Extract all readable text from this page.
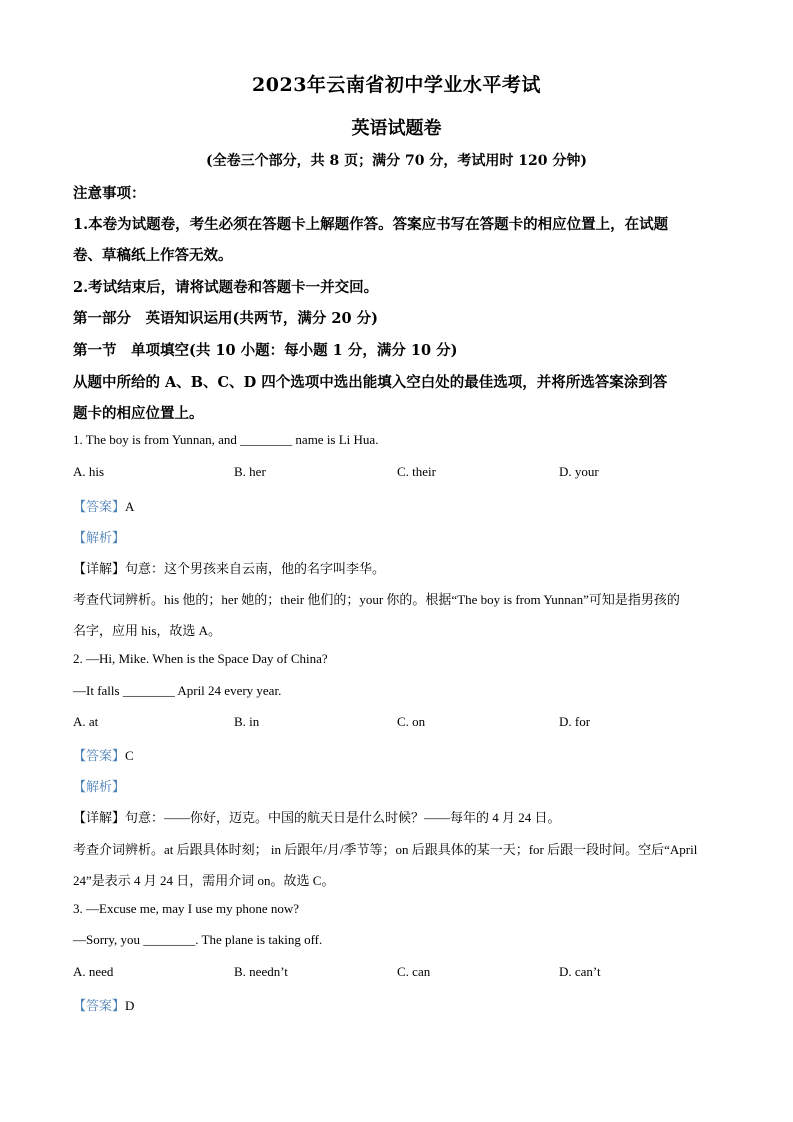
2023年云南省初中学业水平考试
英语试题卷
(全卷三个部分，共 8 页；满分 70 分，考试用时 120 分钟)
注意事项：
1.本卷为试题卷，考生必须在答题卡上解题作答。答案应书写在答题卡的相应位置上，在试题
卷、草稿纸上作答无效。
2.考试结束后，请将试题卷和答题卡一并交回。
第一部分　英语知识运用(共两节，满分 20 分)
第一节　单项填空(共 10 小题：每小题 1 分，满分 10 分)
从题中所给的 A、B、C、D 四个选项中选出能填入空白处的最佳选项，并将所选答案涂到答
题卡的相应位置上。
1. The boy is from Yunnan, and ________ name is Li Hua.
A. his	B. her	C. their	D. your
【答案】A
【解析】
【详解】句意：这个男孩来自云南，他的名字叫李华。
考查代词辨析。his 他的；her 她的；their 他们的；your 你的。根据“The boy is from Yunnan”可知是指男孩的
名字，应用 his，故选 A。
2. —Hi, Mike. When is the Space Day of China?
—It falls ________ April 24 every year.
A. at	B. in	C. on	D. for
【答案】C
【解析】
【详解】句意：——你好，迈克。中国的航天日是什么时候？——每年的 4 月 24 日。
考查介词辨析。at 后跟具体时刻； in 后跟年/月/季节等；on 后跟具体的某一天；for 后跟一段时间。空后“April
24”是表示 4 月 24 日，需用介词 on。故选 C。
3. —Excuse me, may I use my phone now?
—Sorry, you ________. The plane is taking off.
A. need	B. needn’t	C. can	D. can’t
【答案】D
